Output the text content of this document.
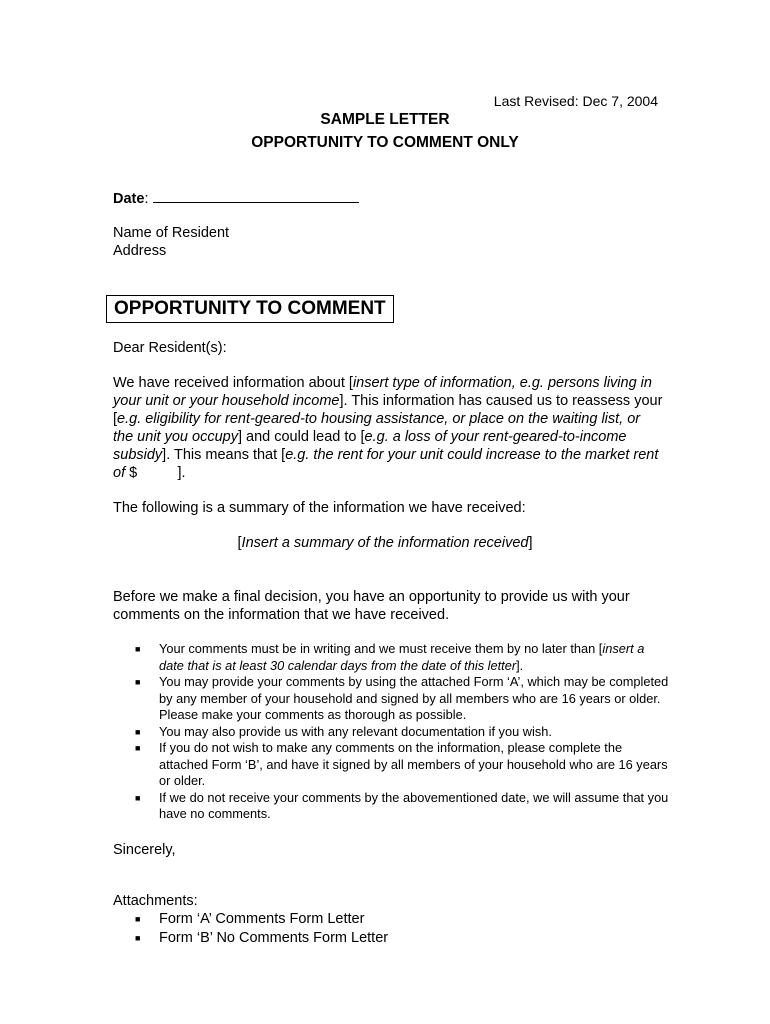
Last Revised: Dec 7, 2004
SAMPLE LETTER
OPPORTUNITY TO COMMENT ONLY
Date:
Name of Resident
Address
OPPORTUNITY TO COMMENT
Dear Resident(s):
We have received information about [insert type of information, e.g. persons living in your unit or your household income]. This information has caused us to reassess your [e.g. eligibility for rent-geared-to housing assistance, or place on the waiting list, or the unit you occupy] and could lead to [e.g. a loss of your rent-geared-to-income subsidy]. This means that [e.g. the rent for your unit could increase to the market rent of $          ].
The following is a summary of the information we have received:
[Insert a summary of the information received]
Before we make a final decision, you have an opportunity to provide us with your comments on the information that we have received.
■ Your comments must be in writing and we must receive them by no later than [insert a date that is at least 30 calendar days from the date of this letter].
■ You may provide your comments by using the attached Form ‘A’, which may be completed by any member of your household and signed by all members who are 16 years or older. Please make your comments as thorough as possible.
■ You may also provide us with any relevant documentation if you wish.
■ If you do not wish to make any comments on the information, please complete the attached Form ‘B’, and have it signed by all members of your household who are 16 years or older.
■ If we do not receive your comments by the abovementioned date, we will assume that you have no comments.
Sincerely,
Attachments:
■ Form ‘A’ Comments Form Letter
■ Form ‘B’ No Comments Form Letter
